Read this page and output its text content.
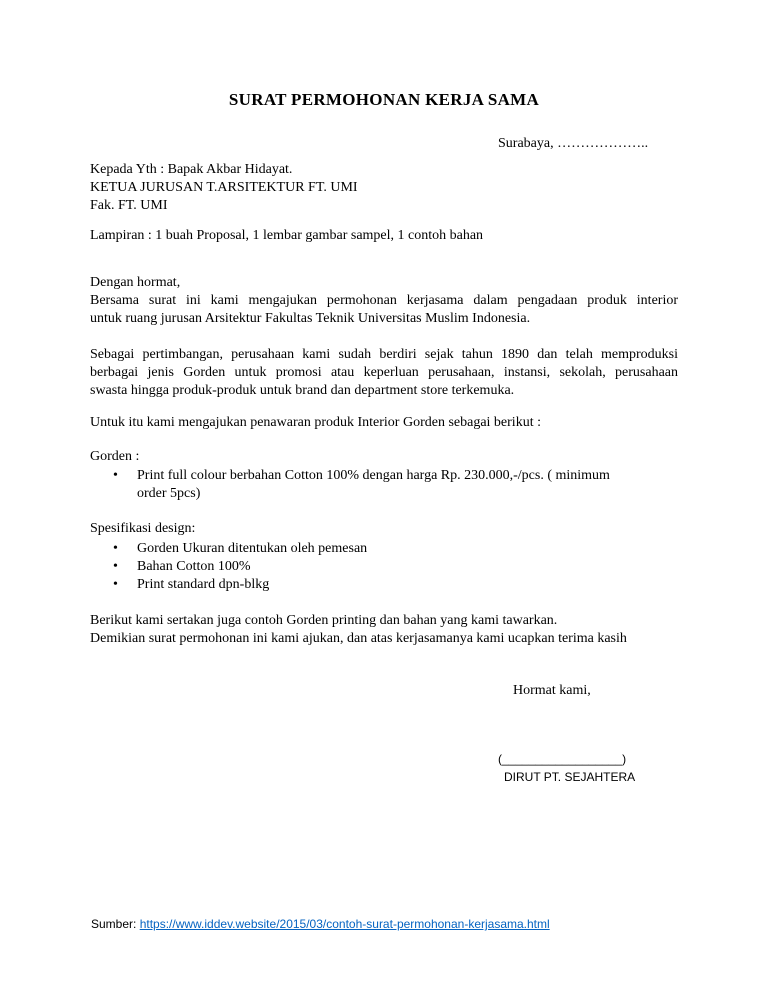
SURAT PERMOHONAN KERJA SAMA
Surabaya, ………………..
Kepada Yth : Bapak Akbar Hidayat.
KETUA JURUSAN T.ARSITEKTUR FT. UMI
Fak. FT. UMI
Lampiran : 1 buah Proposal, 1 lembar gambar sampel, 1 contoh bahan
Dengan hormat,
Bersama surat ini kami mengajukan permohonan kerjasama dalam pengadaan produk interior
untuk ruang jurusan Arsitektur Fakultas Teknik Universitas Muslim Indonesia.
Sebagai pertimbangan, perusahaan kami sudah berdiri sejak tahun 1890 dan telah memproduksi
berbagai jenis Gorden untuk promosi atau keperluan perusahaan, instansi, sekolah, perusahaan
swasta hingga produk-produk untuk brand dan department store terkemuka.
Untuk itu kami mengajukan penawaran produk Interior Gorden sebagai berikut :
Gorden :
• Print full colour berbahan Cotton 100% dengan harga Rp. 230.000,-/pcs. ( minimum
order 5pcs)
Spesifikasi design:
• Gorden Ukuran ditentukan oleh pemesan
• Bahan Cotton 100%
• Print standard dpn-blkg
Berikut kami sertakan juga contoh Gorden printing dan bahan yang kami tawarkan.
Demikian surat permohonan ini kami ajukan, dan atas kerjasamanya kami ucapkan terima kasih
Hormat kami,
(__________________)
DIRUT PT. SEJAHTERA
Sumber: https://www.iddev.website/2015/03/contoh-surat-permohonan-kerjasama.html
